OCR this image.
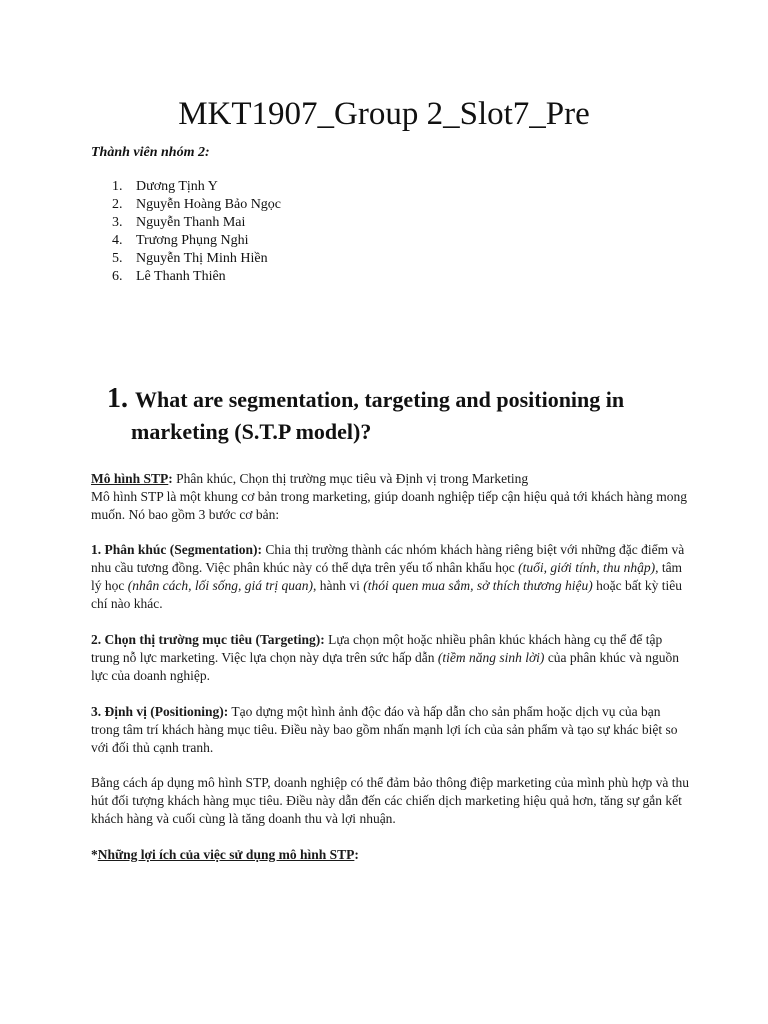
MKT1907_Group 2_Slot7_Pre
Thành viên nhóm 2:
1. Dương Tịnh Y
2. Nguyễn Hoàng Bảo Ngọc
3. Nguyễn Thanh Mai
4. Trương Phụng Nghi
5. Nguyễn Thị Minh Hiền
6. Lê Thanh Thiên
1. What are segmentation, targeting and positioning in marketing (S.T.P model)?
Mô hình STP: Phân khúc, Chọn thị trường mục tiêu và Định vị trong Marketing
Mô hình STP là một khung cơ bản trong marketing, giúp doanh nghiệp tiếp cận hiệu quả tới khách hàng mong muốn. Nó bao gồm 3 bước cơ bản:
1. Phân khúc (Segmentation): Chia thị trường thành các nhóm khách hàng riêng biệt với những đặc điểm và nhu cầu tương đồng. Việc phân khúc này có thể dựa trên yếu tố nhân khẩu học (tuổi, giới tính, thu nhập), tâm lý học (nhân cách, lối sống, giá trị quan), hành vi (thói quen mua sắm, sở thích thương hiệu) hoặc bất kỳ tiêu chí nào khác.
2. Chọn thị trường mục tiêu (Targeting): Lựa chọn một hoặc nhiều phân khúc khách hàng cụ thể để tập trung nỗ lực marketing. Việc lựa chọn này dựa trên sức hấp dẫn (tiềm năng sinh lời) của phân khúc và nguồn lực của doanh nghiệp.
3. Định vị (Positioning): Tạo dựng một hình ảnh độc đáo và hấp dẫn cho sản phẩm hoặc dịch vụ của bạn trong tâm trí khách hàng mục tiêu. Điều này bao gồm nhấn mạnh lợi ích của sản phẩm và tạo sự khác biệt so với đối thủ cạnh tranh.
Bằng cách áp dụng mô hình STP, doanh nghiệp có thể đảm bảo thông điệp marketing của mình phù hợp và thu hút đối tượng khách hàng mục tiêu. Điều này dẫn đến các chiến dịch marketing hiệu quả hơn, tăng sự gắn kết khách hàng và cuối cùng là tăng doanh thu và lợi nhuận.
*Những lợi ích của việc sử dụng mô hình STP:
